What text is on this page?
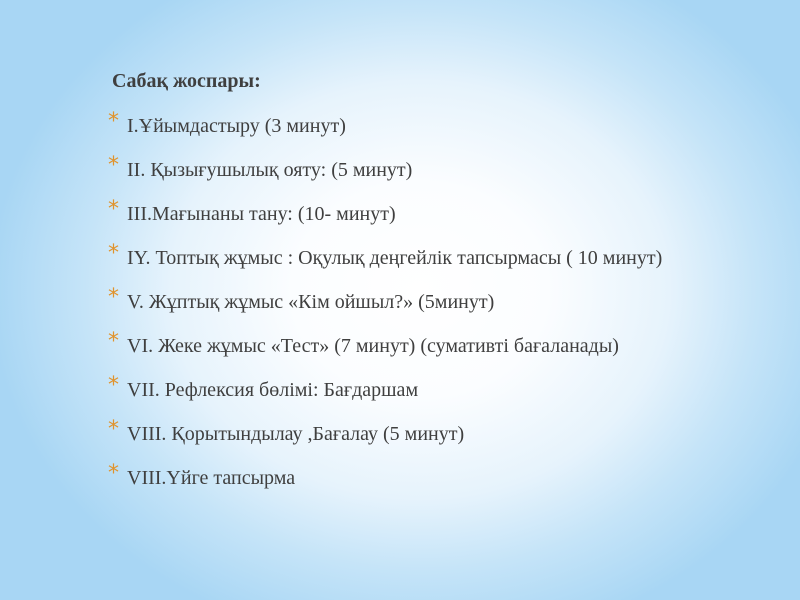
Сабақ жоспары:
* I.Ұйымдастыру (3 минут)
* II. Қызығушылық ояту: (5 минут)
* III.Мағынаны тану: (10- минут)
* IY. Топтық жұмыс : Оқулық деңгейлік тапсырмасы ( 10 минут)
* V. Жұптық жұмыс «Кім ойшыл?» (5минут)
* VI. Жеке жұмыс «Тест» (7 минут) (сумативті бағаланады)
* VII. Рефлексия бөлімі: Бағдаршам
* VIII. Қорытындылау ,Бағалау (5 минут)
* VIII.Үйге тапсырма
